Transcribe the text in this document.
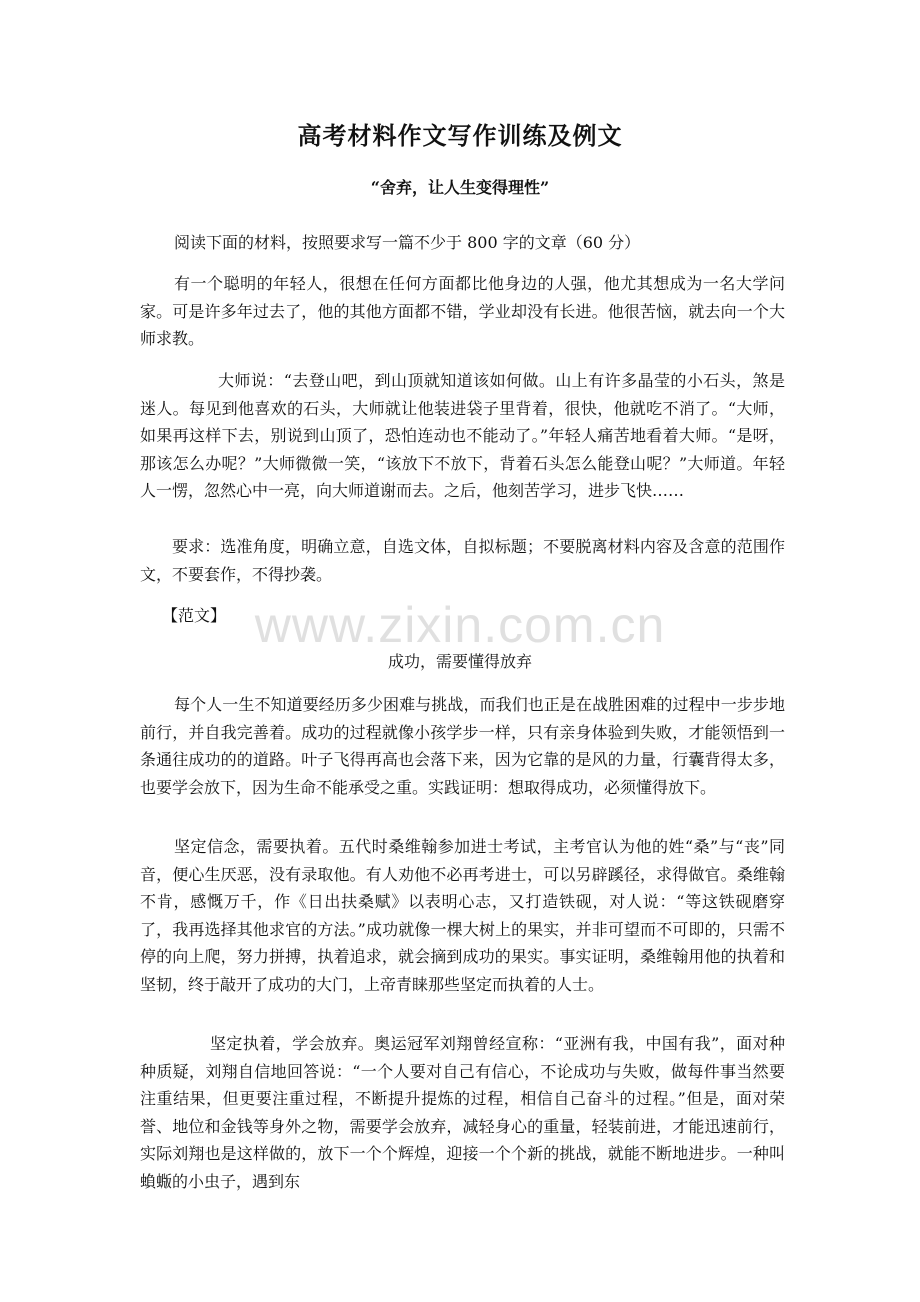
高考材料作文写作训练及例文
“舍弃，让人生变得理性”
阅读下面的材料，按照要求写一篇不少于 800 字的文章（60 分）
有一个聪明的年轻人，很想在任何方面都比他身边的人强，他尤其想成为一名大学问家。可是许多年过去了，他的其他方面都不错，学业却没有长进。他很苦恼，就去向一个大师求教。
大师说：“去登山吧，到山顶就知道该如何做。山上有许多晶莹的小石头，煞是迷人。每见到他喜欢的石头，大师就让他装进袋子里背着，很快，他就吃不消了。“大师，如果再这样下去，别说到山顶了，恐怕连动也不能动了。”年轻人痛苦地看着大师。“是呀，那该怎么办呢？”大师微微一笑，“该放下不放下，背着石头怎么能登山呢？”大师道。年轻人一愣，忽然心中一亮，向大师道谢而去。之后，他刻苦学习，进步飞快……
要求：选准角度，明确立意，自选文体，自拟标题；不要脱离材料内容及含意的范围作文，不要套作，不得抄袭。
【范文】
成功，需要懂得放弃
每个人一生不知道要经历多少困难与挑战，而我们也正是在战胜困难的过程中一步步地前行，并自我完善着。成功的过程就像小孩学步一样，只有亲身体验到失败，才能领悟到一条通往成功的的道路。叶子飞得再高也会落下来，因为它靠的是风的力量，行囊背得太多，也要学会放下，因为生命不能承受之重。实践证明：想取得成功，必须懂得放下。
坚定信念，需要执着。五代时桑维翰参加进士考试，主考官认为他的姓“桑”与“丧”同音，便心生厌恶，没有录取他。有人劝他不必再考进士，可以另辟蹊径，求得做官。桑维翰不肯，感慨万千，作《日出扶桑赋》以表明心志，又打造铁砚，对人说：“等这铁砚磨穿了，我再选择其他求官的方法。”成功就像一棵大树上的果实，并非可望而不可即的，只需不停的向上爬，努力拼搏，执着追求，就会摘到成功的果实。事实证明，桑维翰用他的执着和坚韧，终于敲开了成功的大门，上帝青睐那些坚定而执着的人士。
坚定执着，学会放弃。奥运冠军刘翔曾经宣称：“亚洲有我，中国有我”，面对种种质疑，刘翔自信地回答说：“一个人要对自己有信心，不论成功与失败，做每件事当然要注重结果，但更要注重过程，不断提升提炼的过程，相信自己奋斗的过程。”但是，面对荣誉、地位和金钱等身外之物，需要学会放弃，减轻身心的重量，轻装前进，才能迅速前行，实际刘翔也是这样做的，放下一个个辉煌，迎接一个个新的挑战，就能不断地进步。一种叫蝜蝂的小虫子，遇到东
www.zixin.com.cn
